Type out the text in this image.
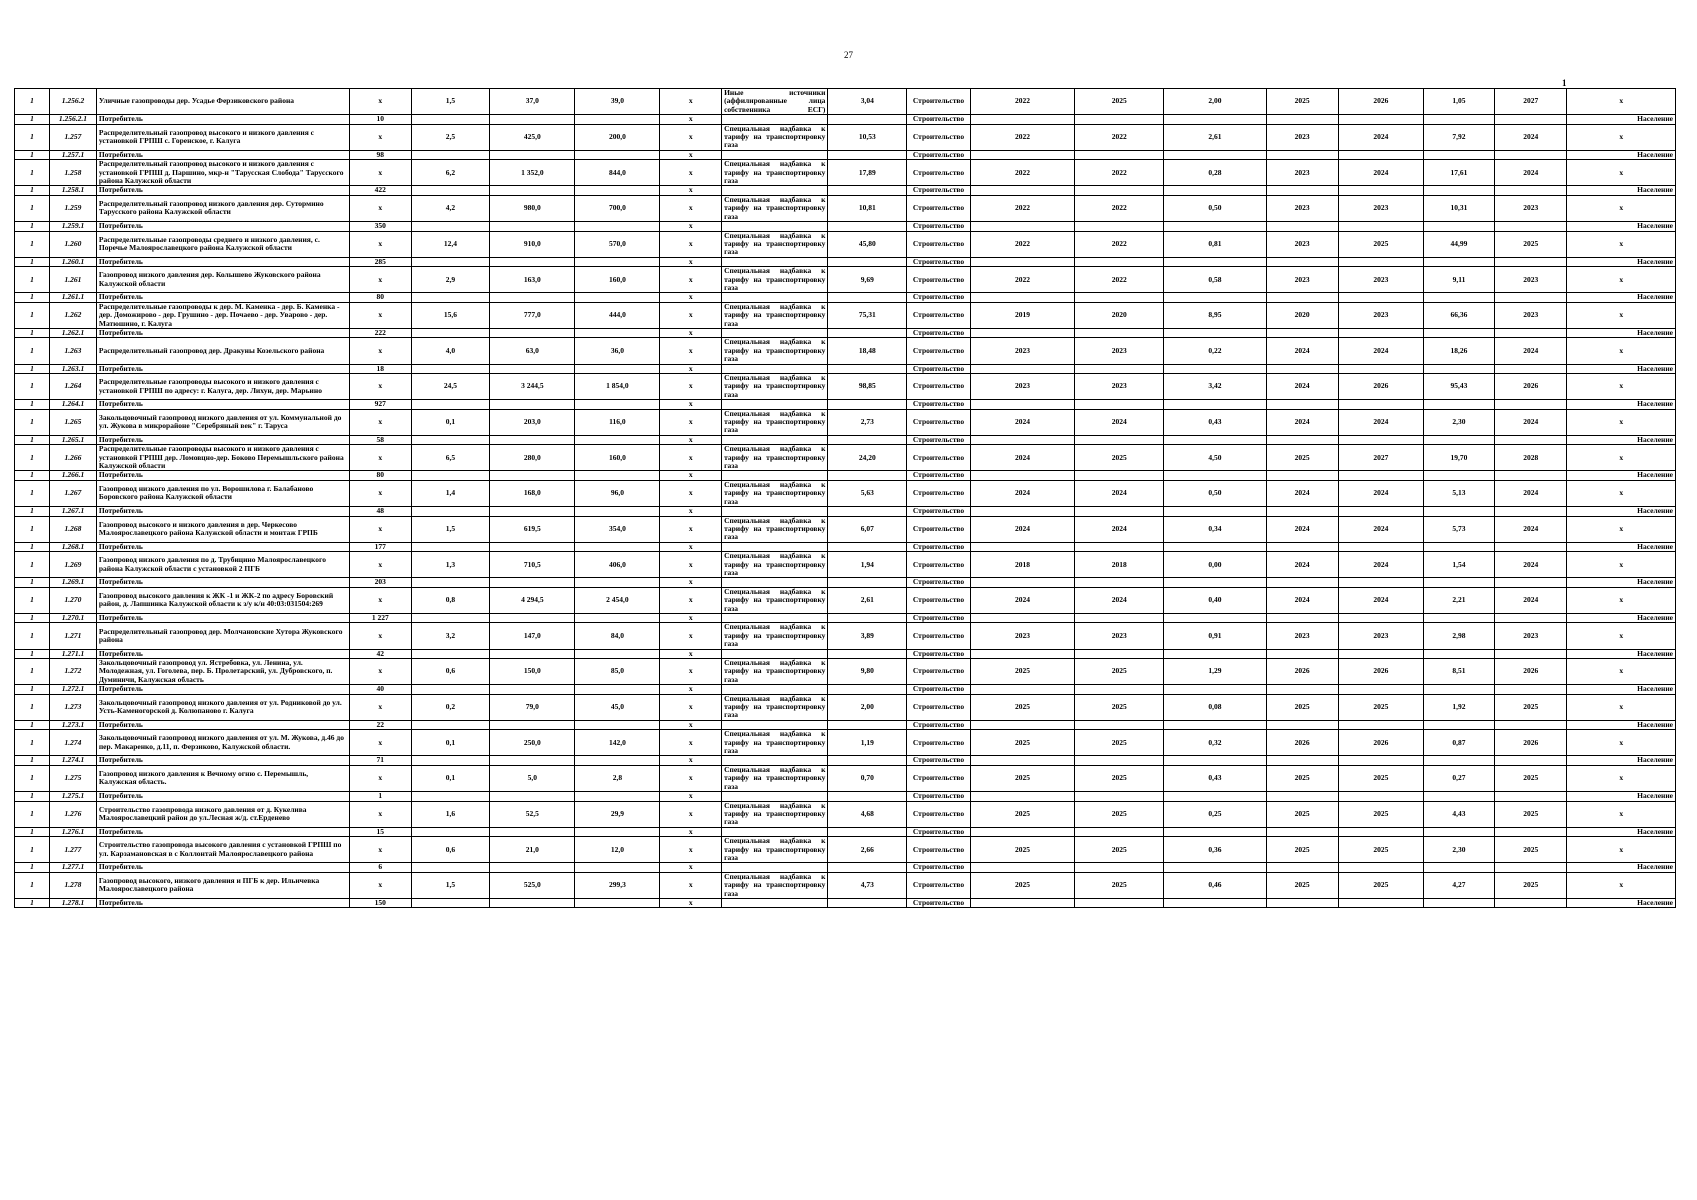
27
1
1	1.256.2	Уличные газопроводы дер. Усадье Ферзиковского района	x	1,5	37,0	39,0	x	Иные источники (аффилированные лица собственника ЕСГ)	3,04	Строительство	2022	2025	2,00	2025	2026	1,05	2027	x
1	1.256.2.1	Потребитель	10				x			Строительство								Население
1	1.257	Распределительный газопровод высокого и низкого давления с установкой ГРПШ с. Горенское, г. Калуга	x	2,5	425,0	200,0	x	Специальная надбавка к тарифу на транспортировку газа	10,53	Строительство	2022	2022	2,61	2023	2024	7,92	2024	x
1	1.257.1	Потребитель	98				x			Строительство								Население
1	1.258	Распределительный газопровод высокого и низкого давления с установкой ГРПШ д. Паршино, мкр-н "Тарусская Слобода" Тарусского района Калужской области	x	6,2	1 352,0	844,0	x	Специальная надбавка к тарифу на транспортировку газа	17,89	Строительство	2022	2022	0,28	2023	2024	17,61	2024	x
1	1.258.1	Потребитель	422				x			Строительство								Население
1	1.259	Распределительный газопровод низкого давления дер. Сутормино Тарусского района Калужской области	x	4,2	980,0	700,0	x	Специальная надбавка к тарифу на транспортировку газа	10,81	Строительство	2022	2022	0,50	2023	2023	10,31	2023	x
1	1.259.1	Потребитель	350				x			Строительство								Население
1	1.260	Распределительные газопроводы среднего и низкого давления, с. Поречье Малоярославецкого района Калужской области	x	12,4	910,0	570,0	x	Специальная надбавка к тарифу на транспортировку газа	45,80	Строительство	2022	2022	0,81	2023	2025	44,99	2025	x
1	1.260.1	Потребитель	285				x			Строительство								Население
1	1.261	Газопровод низкого давления дер. Колышево Жуковского района Калужской области	x	2,9	163,0	160,0	x	Специальная надбавка к тарифу на транспортировку газа	9,69	Строительство	2022	2022	0,58	2023	2023	9,11	2023	x
1	1.261.1	Потребитель	80				x			Строительство								Население
1	1.262	Распределительные газопроводы к дер. М. Каменка - дер. Б. Каменка - дер. Доможирово - дер. Грушино - дер. Почаево - дер. Уварово - дер. Матюшино, г. Калуга	x	15,6	777,0	444,0	x	Специальная надбавка к тарифу на транспортировку газа	75,31	Строительство	2019	2020	8,95	2020	2023	66,36	2023	x
1	1.262.1	Потребитель	222				x			Строительство								Население
1	1.263	Распределительный газопровод дер. Дракуны Козельского района	x	4,0	63,0	36,0	x	Специальная надбавка к тарифу на транспортировку газа	18,48	Строительство	2023	2023	0,22	2024	2024	18,26	2024	x
1	1.263.1	Потребитель	18				x			Строительство								Население
1	1.264	Распределительные газопроводы высокого и низкого давления с установкой ГРПШ по адресу: г. Калуга, дер. Лихун, дер. Марьино	x	24,5	3 244,5	1 854,0	x	Специальная надбавка к тарифу на транспортировку газа	98,85	Строительство	2023	2023	3,42	2024	2026	95,43	2026	x
1	1.264.1	Потребитель	927				x			Строительство								Население
1	1.265	Закольцовочный газопровод низкого давления от ул. Коммунальной до ул. Жукова в микрорайоне "Серебряный век" г. Таруса	x	0,1	203,0	116,0	x	Специальная надбавка к тарифу на транспортировку газа	2,73	Строительство	2024	2024	0,43	2024	2024	2,30	2024	x
1	1.265.1	Потребитель	58				x			Строительство								Население
1	1.266	Распределительные газопроводы высокого и низкого давления с установкой ГРПШ дер. Ломовцно-дер. Боково Перемышльского района Калужской области	x	6,5	280,0	160,0	x	Специальная надбавка к тарифу на транспортировку газа	24,20	Строительство	2024	2025	4,50	2025	2027	19,70	2028	x
1	1.266.1	Потребитель	80				x			Строительство								Население
1	1.267	Газопровод низкого давления по ул. Ворошилова г. Балабаново Боровского района Калужской области	x	1,4	168,0	96,0	x	Специальная надбавка к тарифу на транспортировку газа	5,63	Строительство	2024	2024	0,50	2024	2024	5,13	2024	x
1	1.267.1	Потребитель	48				x			Строительство								Население
1	1.268	Газопровод высокого и низкого давления в дер. Черкесово Малоярославецкого района Калужской области и монтаж ГРПБ	x	1,5	619,5	354,0	x	Специальная надбавка к тарифу на транспортировку газа	6,07	Строительство	2024	2024	0,34	2024	2024	5,73	2024	x
1	1.268.1	Потребитель	177				x			Строительство								Население
1	1.269	Газопровод низкого давления по д. Трубицино Малоярославецкого района Калужской области с установкой 2 ПГБ	x	1,3	710,5	406,0	x	Специальная надбавка к тарифу на транспортировку газа	1,94	Строительство	2018	2018	0,00	2024	2024	1,54	2024	x
1	1.269.1	Потребитель	203				x			Строительство								Население
1	1.270	Газопровод высокого давления к ЖК -1 и ЖК-2 по адресу Боровский район, д. Лапшинка Калужской области к з/у к/н 40:03:031504:269	x	0,8	4 294,5	2 454,0	x	Специальная надбавка к тарифу на транспортировку газа	2,61	Строительство	2024	2024	0,40	2024	2024	2,21	2024	x
1	1.270.1	Потребитель	1 227				x			Строительство								Население
1	1.271	Распределительный газопровод дер. Молчановские Хутора Жуковского района	x	3,2	147,0	84,0	x	Специальная надбавка к тарифу на транспортировку газа	3,89	Строительство	2023	2023	0,91	2023	2023	2,98	2023	x
1	1.271.1	Потребитель	42				x			Строительство								Население
1	1.272	Закольцовочный газопровод ул. Ястребовка, ул. Ленина, ул. Молодежная, ул. Гоголева, пер. Б. Пролетарский, ул. Дубровского, п. Думиничи, Калужская область	x	0,6	150,0	85,0	x	Специальная надбавка к тарифу на транспортировку газа	9,80	Строительство	2025	2025	1,29	2026	2026	8,51	2026	x
1	1.272.1	Потребитель	40				x			Строительство								Население
1	1.273	Закольцовочный газопровод низкого давления от ул. Родниковой до ул. Усть-Каменогорской д. Колюпаново г. Калуга	x	0,2	79,0	45,0	x	Специальная надбавка к тарифу на транспортировку газа	2,00	Строительство	2025	2025	0,08	2025	2025	1,92	2025	x
1	1.273.1	Потребитель	22				x			Строительство								Население
1	1.274	Закольцовочный газопровод низкого давления от ул. М. Жукова, д.46 до пер. Макаренко, д.11, п. Ферзиково, Калужской области.	x	0,1	250,0	142,0	x	Специальная надбавка к тарифу на транспортировку газа	1,19	Строительство	2025	2025	0,32	2026	2026	0,87	2026	x
1	1.274.1	Потребитель	71				x			Строительство								Население
1	1.275	Газопровод низкого давления к Вечному огню с. Перемышль, Калужская область.	x	0,1	5,0	2,8	x	Специальная надбавка к тарифу на транспортировку газа	0,70	Строительство	2025	2025	0,43	2025	2025	0,27	2025	x
1	1.275.1	Потребитель	1				x			Строительство								Население
1	1.276	Строительство газопровода низкого давления от д. Кукелива Малоярославецкий район до ул.Лесная ж/д. ст.Ерденево	x	1,6	52,5	29,9	x	Специальная надбавка к тарифу на транспортировку газа	4,68	Строительство	2025	2025	0,25	2025	2025	4,43	2025	x
1	1.276.1	Потребитель	15				x			Строительство								Население
1	1.277	Строительство газопровода высокого давления с установкой ГРПШ по ул. Карзамановская в с Коллонтай Малоярославецкого района	x	0,6	21,0	12,0	x	Специальная надбавка к тарифу на транспортировку газа	2,66	Строительство	2025	2025	0,36	2025	2025	2,30	2025	x
1	1.277.1	Потребитель	6				x			Строительство								Население
1	1.278	Газопровод высокого, низкого давления и ПГБ к дер. Ильичевка Малоярославецкого района	x	1,5	525,0	299,3	x	Специальная надбавка к тарифу на транспортировку газа	4,73	Строительство	2025	2025	0,46	2025	2025	4,27	2025	x
1	1.278.1	Потребитель	150				x			Строительство								Население
